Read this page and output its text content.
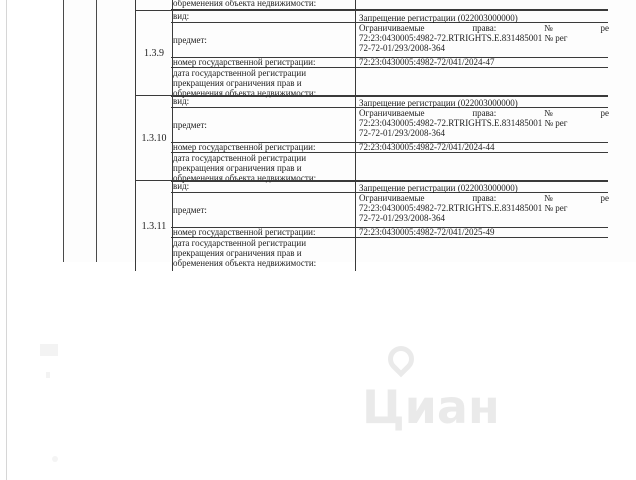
обременения объекта недвижимости:
1.3.9
вид:	Запрещение регистрации (022003000000)
предмет:
Ограничиваемые	права:	№	ре
72:23:0430005:4982-72.RTRIGHTS.E.831485001 № рег
72-72-01/293/2008-364
номер государственной регистрации:	72:23:0430005:4982-72/041/2024-47
дата государственной регистрации
прекращения ограничения прав и
обременения объекта недвижимости:
1.3.10
вид:	Запрещение регистрации (022003000000)
предмет:
Ограничиваемые	права:	№	ре
72:23:0430005:4982-72.RTRIGHTS.E.831485001 № рег
72-72-01/293/2008-364
номер государственной регистрации:	72:23:0430005:4982-72/041/2024-44
дата государственной регистрации
прекращения ограничения прав и
обременения объекта недвижимости:
1.3.11
вид:	Запрещение регистрации (022003000000)
предмет:
Ограничиваемые	права:	№	ре
72:23:0430005:4982-72.RTRIGHTS.E.831485001 № рег
72-72-01/293/2008-364
номер государственной регистрации:	72:23:0430005:4982-72/041/2025-49
дата государственной регистрации
прекращения ограничения прав и
обременения объекта недвижимости:
Циан
